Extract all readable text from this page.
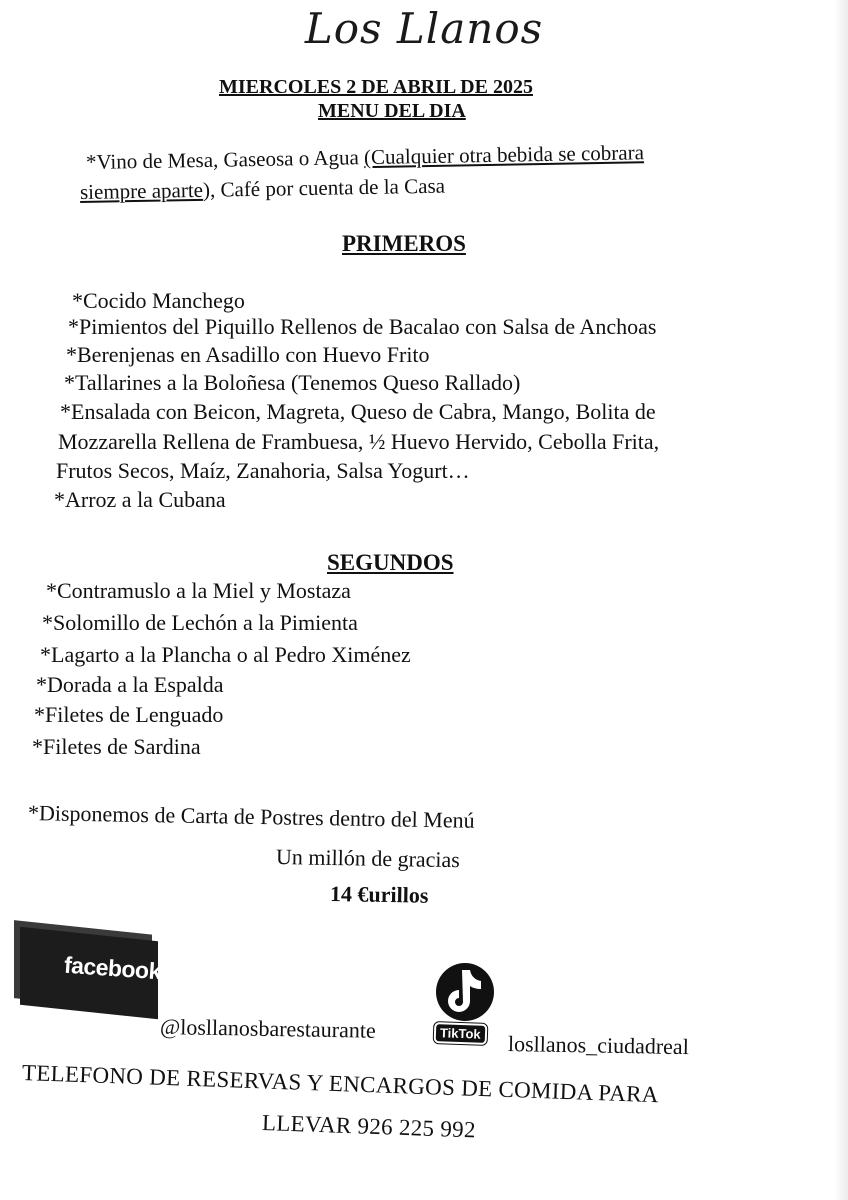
Los Llanos
MIERCOLES 2 DE ABRIL DE 2025
MENU DEL DIA
*Vino de Mesa, Gaseosa o Agua (Cualquier otra bebida se cobrara
siempre aparte), Café por cuenta de la Casa
PRIMEROS
*Cocido Manchego
*Pimientos del Piquillo Rellenos de Bacalao con Salsa de Anchoas
*Berenjenas en Asadillo con Huevo Frito
*Tallarines a la Boloñesa (Tenemos Queso Rallado)
*Ensalada con Beicon, Magreta, Queso de Cabra, Mango, Bolita de
Mozzarella Rellena de Frambuesa, ½ Huevo Hervido, Cebolla Frita,
Frutos Secos, Maíz, Zanahoria, Salsa Yogurt…
*Arroz a la Cubana
SEGUNDOS
*Contramuslo a la Miel y Mostaza
*Solomillo de Lechón a la Pimienta
*Lagarto a la Plancha o al Pedro Ximénez
*Dorada a la Espalda
*Filetes de Lenguado
*Filetes de Sardina
*Disponemos de Carta de Postres dentro del Menú
Un millón de gracias
14 €urillos
facebook
TikTok
@losllanosbarestaurante
losllanos_ciudadreal
TELEFONO DE RESERVAS Y ENCARGOS DE COMIDA PARA
LLEVAR 926 225 992
